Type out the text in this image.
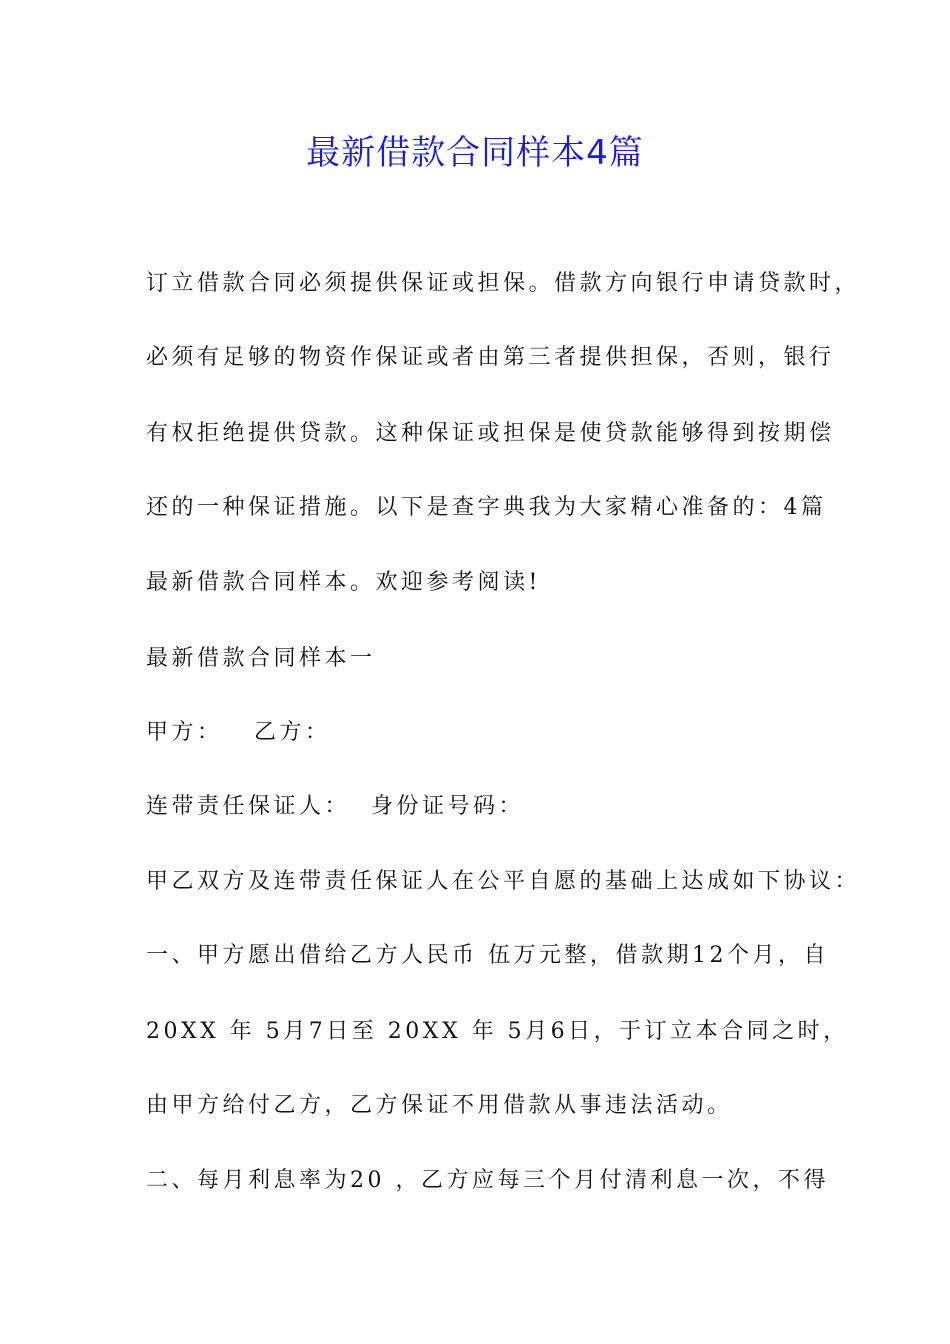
最新借款合同样本4篇
订立借款合同必须提供保证或担保。借款方向银行申请贷款时，
必须有足够的物资作保证或者由第三者提供担保，否则，银行
有权拒绝提供贷款。这种保证或担保是使贷款能够得到按期偿
还的一种保证措施。以下是查字典我为大家精心准备的：4篇
最新借款合同样本。欢迎参考阅读!
最新借款合同样本一
甲方：   乙方：
连带责任保证人：  身份证号码：
甲乙双方及连带责任保证人在公平自愿的基础上达成如下协议：
一、甲方愿出借给乙方人民币 伍万元整，借款期12个月，自
20XX 年 5月7日至 20XX 年 5月6日，于订立本合同之时，
由甲方给付乙方，乙方保证不用借款从事违法活动。
二、每月利息率为20 ，乙方应每三个月付清利息一次，不得
